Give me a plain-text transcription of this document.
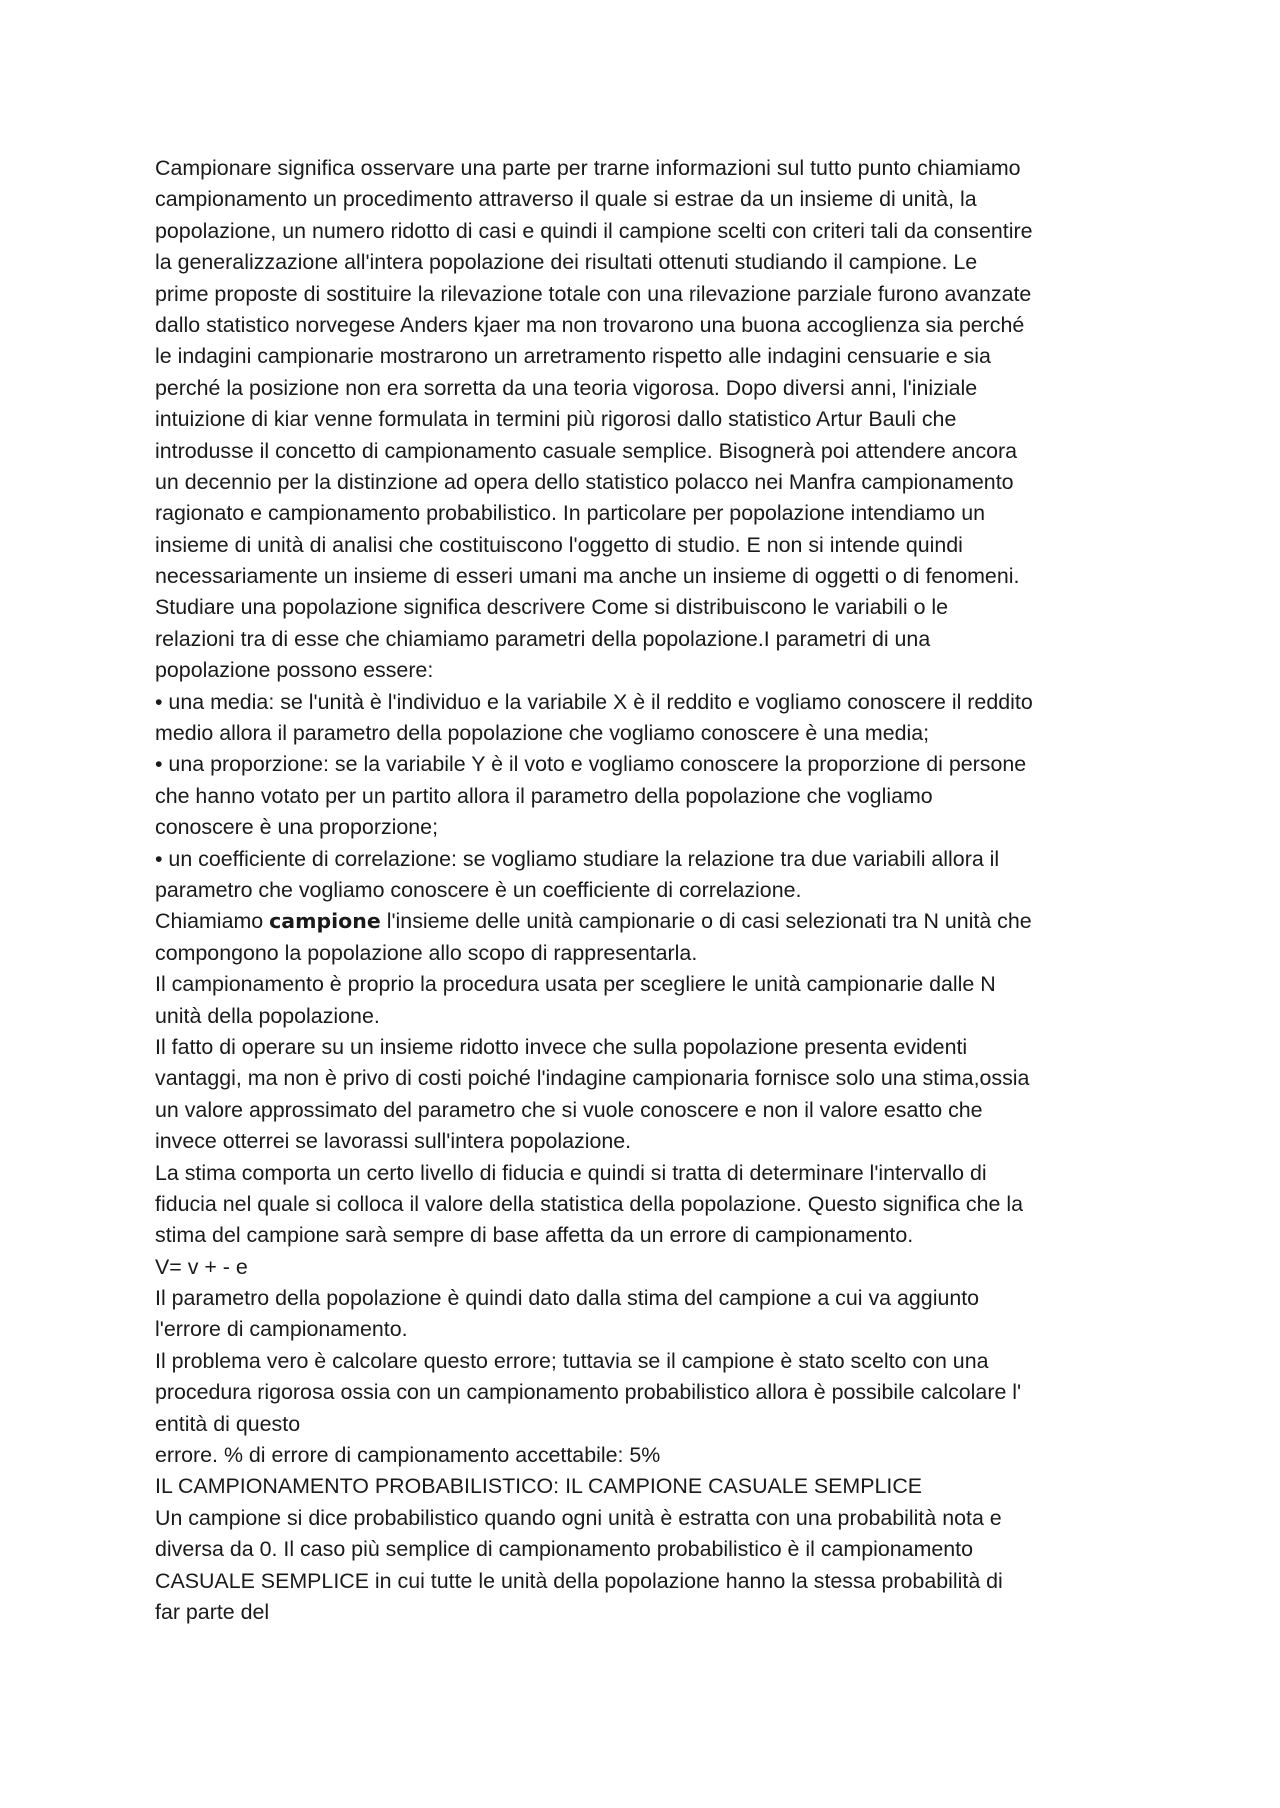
Campionare significa osservare una parte per trarne informazioni sul tutto punto chiamiamo
campionamento un procedimento attraverso il quale si estrae da un insieme di unità, la
popolazione, un numero ridotto di casi e quindi il campione scelti con criteri tali da consentire
la generalizzazione all'intera popolazione dei risultati ottenuti studiando il campione. Le
prime proposte di sostituire la rilevazione totale con una rilevazione parziale furono avanzate
dallo statistico norvegese Anders kjaer ma non trovarono una buona accoglienza sia perché
le indagini campionarie mostrarono un arretramento rispetto alle indagini censuarie e sia
perché la posizione non era sorretta da una teoria vigorosa. Dopo diversi anni, l'iniziale
intuizione di kiar venne formulata in termini più rigorosi dallo statistico Artur Bauli che
introdusse il concetto di campionamento casuale semplice. Bisognerà poi attendere ancora
un decennio per la distinzione ad opera dello statistico polacco nei Manfra campionamento
ragionato e campionamento probabilistico. In particolare per popolazione intendiamo un
insieme di unità di analisi che costituiscono l'oggetto di studio. E non si intende quindi
necessariamente un insieme di esseri umani ma anche un insieme di oggetti o di fenomeni.
Studiare una popolazione significa descrivere Come si distribuiscono le variabili o le
relazioni tra di esse che chiamiamo parametri della popolazione.I parametri di una
popolazione possono essere:
• una media: se l'unità è l'individuo e la variabile X è il reddito e vogliamo conoscere il reddito
medio allora il parametro della popolazione che vogliamo conoscere è una media;
• una proporzione: se la variabile Y è il voto e vogliamo conoscere la proporzione di persone
che hanno votato per un partito allora il parametro della popolazione che vogliamo
conoscere è una proporzione;
• un coefficiente di correlazione: se vogliamo studiare la relazione tra due variabili allora il
parametro che vogliamo conoscere è un coefficiente di correlazione.
Chiamiamo campione l'insieme delle unità campionarie o di casi selezionati tra N unità che
compongono la popolazione allo scopo di rappresentarla.
Il campionamento è proprio la procedura usata per scegliere le unità campionarie dalle N
unità della popolazione.
Il fatto di operare su un insieme ridotto invece che sulla popolazione presenta evidenti
vantaggi, ma non è privo di costi poiché l'indagine campionaria fornisce solo una stima,ossia
un valore approssimato del parametro che si vuole conoscere e non il valore esatto che
invece otterrei se lavorassi sull'intera popolazione.
La stima comporta un certo livello di fiducia e quindi si tratta di determinare l'intervallo di
fiducia nel quale si colloca il valore della statistica della popolazione. Questo significa che la
stima del campione sarà sempre di base affetta da un errore di campionamento.
V= v + - e
Il parametro della popolazione è quindi dato dalla stima del campione a cui va aggiunto
l'errore di campionamento.
Il problema vero è calcolare questo errore; tuttavia se il campione è stato scelto con una
procedura rigorosa ossia con un campionamento probabilistico allora è possibile calcolare l'
entità di questo
errore. % di errore di campionamento accettabile: 5%
IL CAMPIONAMENTO PROBABILISTICO: IL CAMPIONE CASUALE SEMPLICE
Un campione si dice probabilistico quando ogni unità è estratta con una probabilità nota e
diversa da 0. Il caso più semplice di campionamento probabilistico è il campionamento
CASUALE SEMPLICE in cui tutte le unità della popolazione hanno la stessa probabilità di
far parte del
